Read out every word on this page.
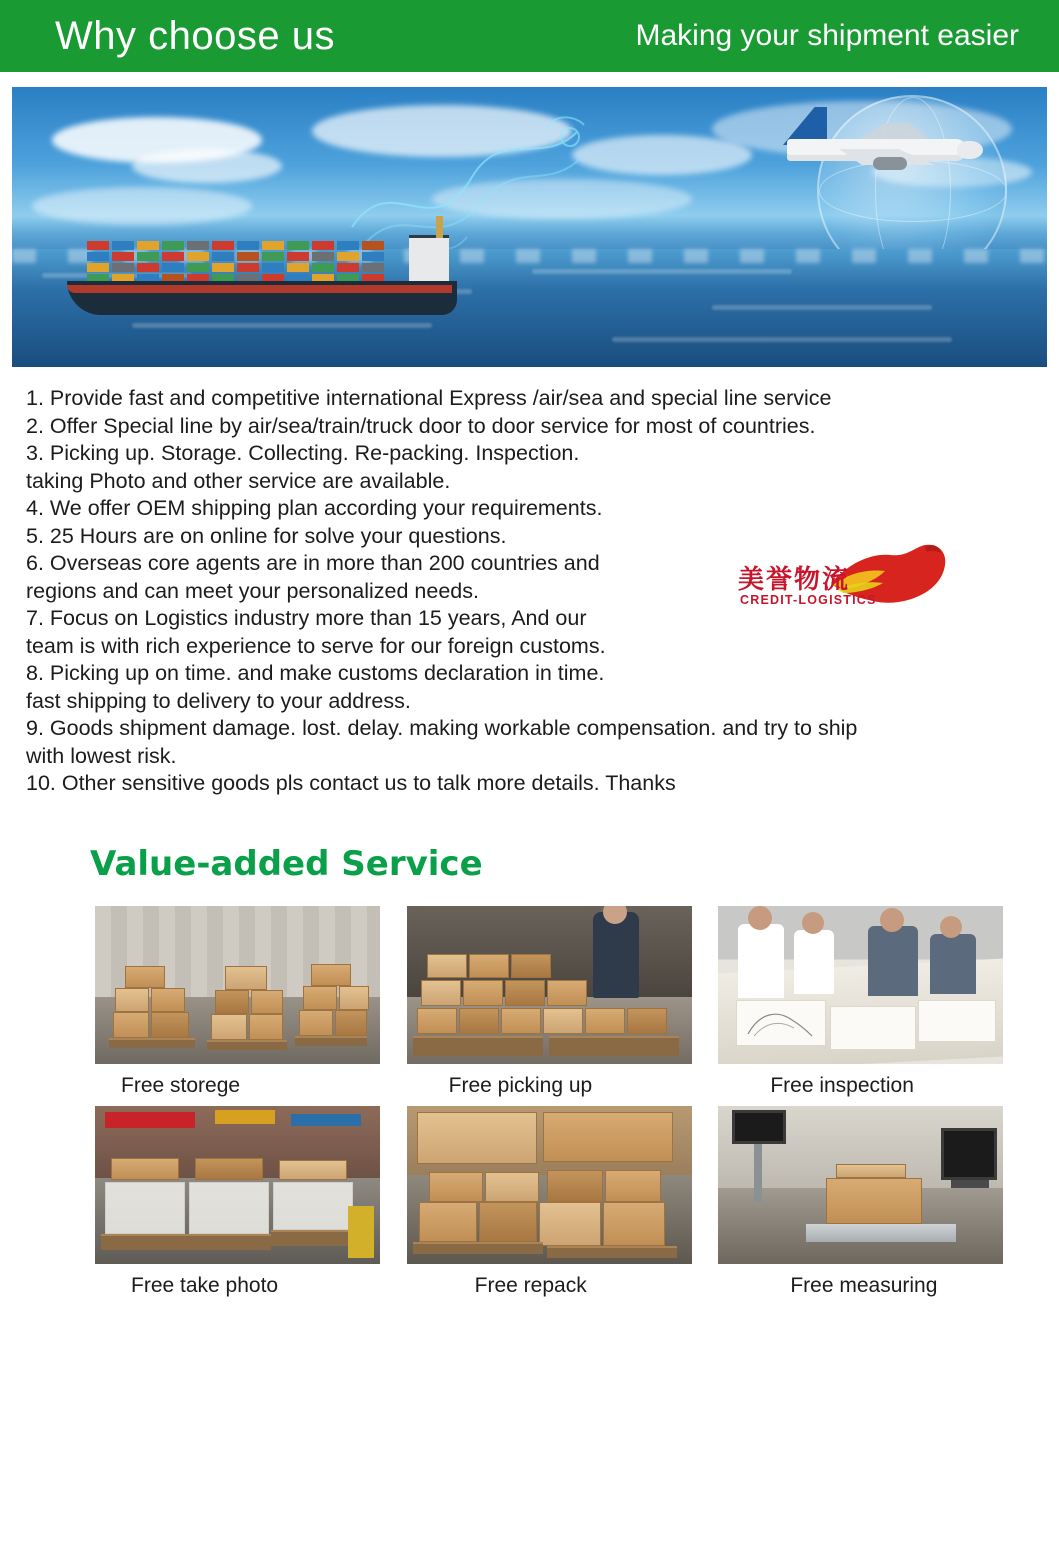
Why choose us	Making your shipment easier
1. Provide fast and competitive international Express /air/sea and special line service
2. Offer Special line by air/sea/train/truck door to door service for most of countries.
3. Picking up. Storage. Collecting. Re-packing. Inspection.
taking Photo and other service are available.
4. We offer OEM shipping plan according your requirements.
5. 25 Hours are on online for solve your questions.
6. Overseas core agents are in more than 200 countries and
regions and can meet your personalized needs.
7. Focus on Logistics industry more than 15 years, And our
team is with rich experience to serve for our foreign customs.
8. Picking up on time. and make customs declaration in time.
fast shipping to delivery to your address.
9. Goods shipment damage. lost. delay. making workable compensation. and try to ship
with lowest risk.
10. Other sensitive goods pls contact us to talk more details. Thanks
美誉物流
CREDIT-LOGISTICS
Value-added Service
Free storege	Free picking up	Free inspection
Free take photo	Free repack	Free measuring
